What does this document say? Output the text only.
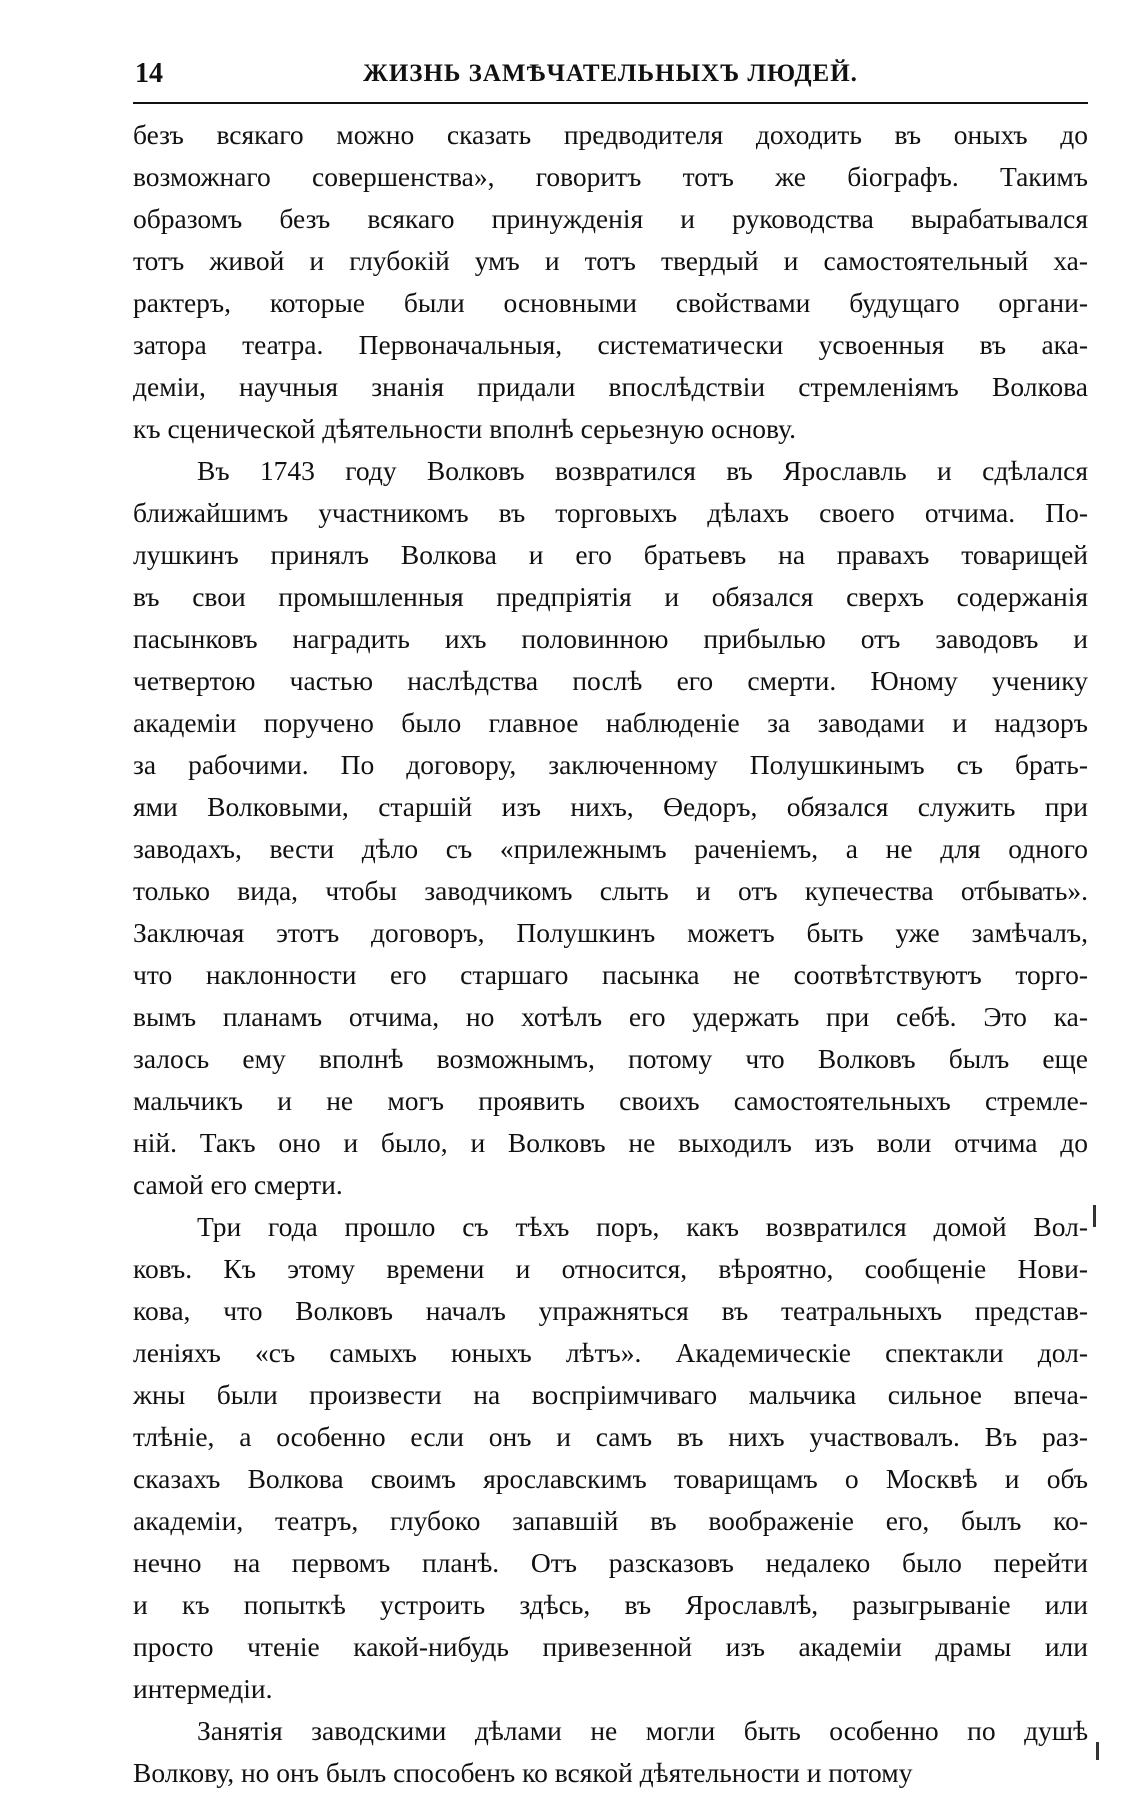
14	ЖИЗНЬ ЗАМѢЧАТЕЛЬНЫХЪ ЛЮДЕЙ.
безъ всякаго можно сказать предводителя доходить въ оныхъ до
возможнаго совершенства», говоритъ тотъ же біографъ. Такимъ
образомъ безъ всякаго принужденія и руководства вырабатывался
тотъ живой и глубокій умъ и тотъ твердый и самостоятельный ха-
рактеръ, которые были основными свойствами будущаго органи-
затора театра. Первоначальныя, систематически усвоенныя въ ака-
деміи, научныя знанія придали впослѣдствіи стремленіямъ Волкова
къ сценической дѣятельности вполнѣ серьезную основу.
Въ 1743 году Волковъ возвратился въ Ярославль и сдѣлался
ближайшимъ участникомъ въ торговыхъ дѣлахъ своего отчима. По-
лушкинъ принялъ Волкова и его братьевъ на правахъ товарищей
въ свои промышленныя предпріятія и обязался сверхъ содержанія
пасынковъ наградить ихъ половинною прибылью отъ заводовъ и
четвертою частью наслѣдства послѣ его смерти. Юному ученику
академіи поручено было главное наблюденіе за заводами и надзоръ
за рабочими. По договору, заключенному Полушкинымъ съ брать-
ями Волковыми, старшій изъ нихъ, Өедоръ, обязался служить при
заводахъ, вести дѣло съ «прилежнымъ раченіемъ, а не для одного
только вида, чтобы заводчикомъ слыть и отъ купечества отбывать».
Заключая этотъ договоръ, Полушкинъ можетъ быть уже замѣчалъ,
что наклонности его старшаго пасынка не соотвѣтствуютъ торго-
вымъ планамъ отчима, но хотѣлъ его удержать при себѣ. Это ка-
залось ему вполнѣ возможнымъ, потому что Волковъ былъ еще
мальчикъ и не могъ проявить своихъ самостоятельныхъ стремле-
ній. Такъ оно и было, и Волковъ не выходилъ изъ воли отчима до
самой его смерти.
Три года прошло съ тѣхъ поръ, какъ возвратился домой Вол-
ковъ. Къ этому времени и относится, вѣроятно, сообщеніе Нови-
кова, что Волковъ началъ упражняться въ театральныхъ представ-
леніяхъ «съ самыхъ юныхъ лѣтъ». Академическіе спектакли дол-
жны были произвести на воспріимчиваго мальчика сильное впеча-
тлѣніе, а особенно если онъ и самъ въ нихъ участвовалъ. Въ раз-
сказахъ Волкова своимъ ярославскимъ товарищамъ о Москвѣ и объ
академіи, театръ, глубоко запавшій въ воображеніе его, былъ ко-
нечно на первомъ планѣ. Отъ разсказовъ недалеко было перейти
и къ попыткѣ устроить здѣсь, въ Ярославлѣ, разыгрываніе или
просто чтеніе какой-нибудь привезенной изъ академіи драмы или
интермедіи.
Занятія заводскими дѣлами не могли быть особенно по душѣ
Волкову, но онъ былъ способенъ ко всякой дѣятельности и потому
